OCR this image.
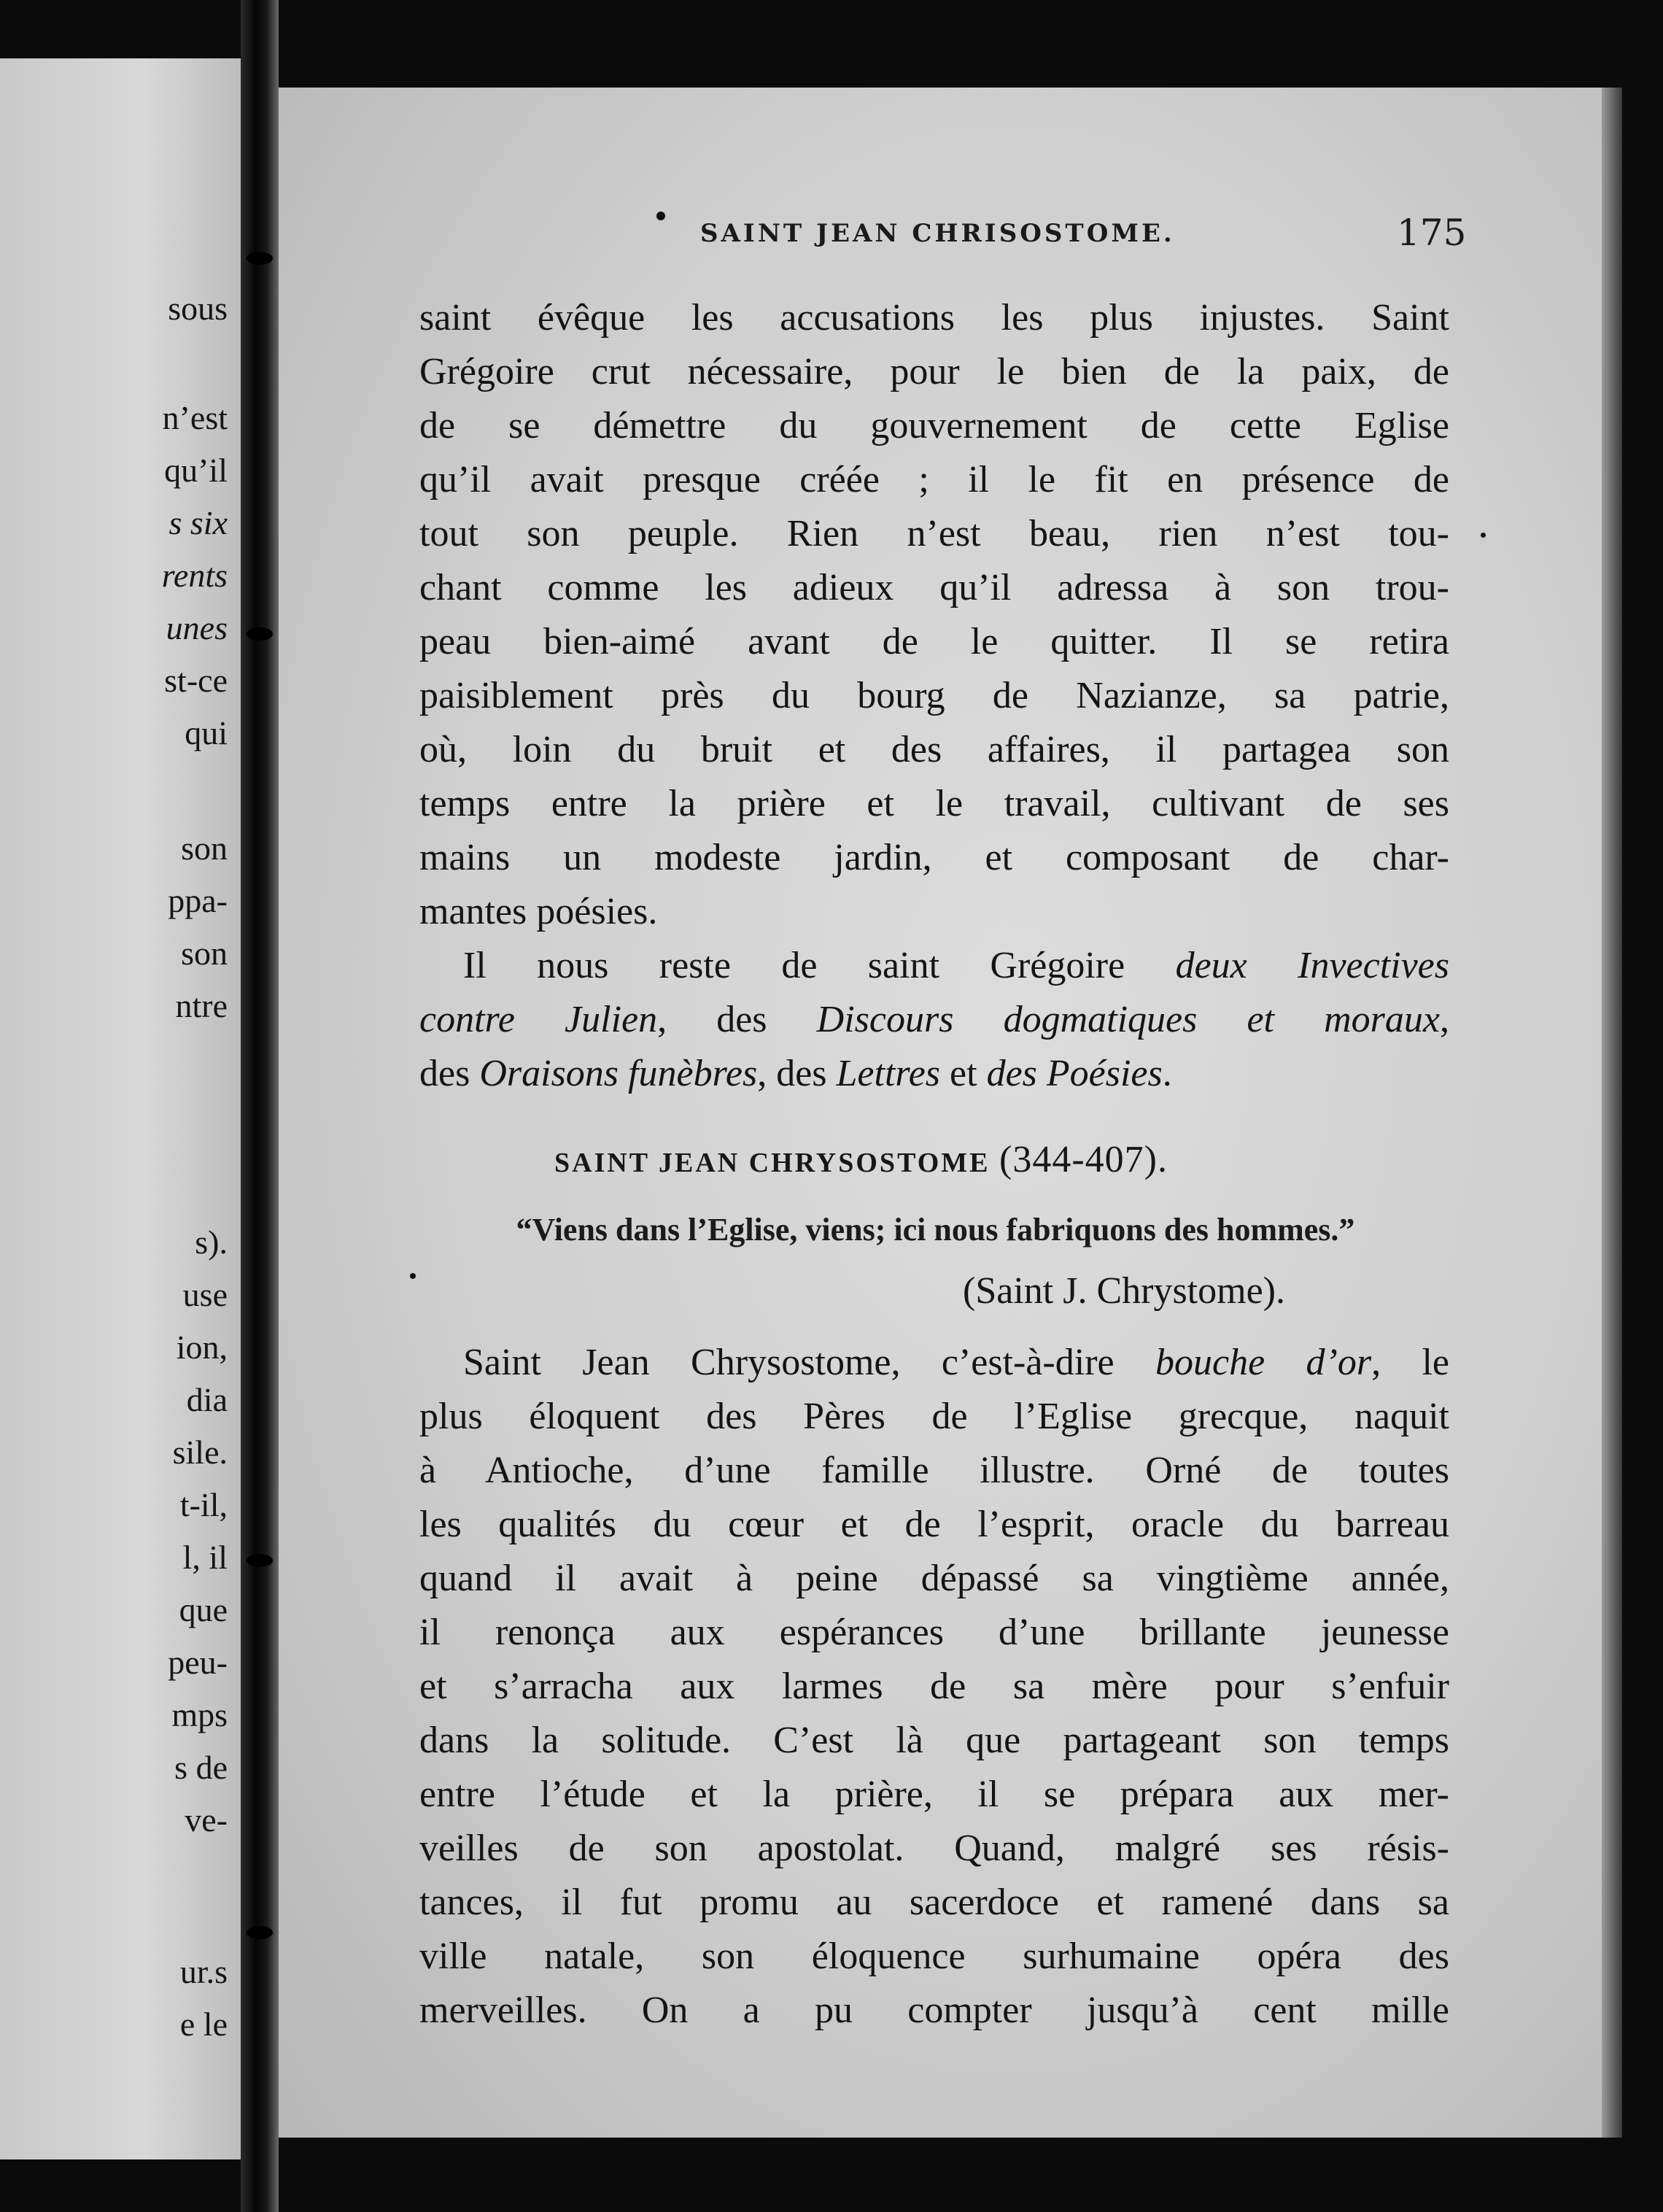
sous
n’est
qu’il
s six
rents
unes
st-ce
qui
son
ppa-
son
ntre
s).
use
ion,
dia
sile.
t-il,
l, il
que
peu-
mps
s de
ve-
ur.s
e le
SAINT JEAN CHRISOSTOME.	175
saint évêque les accusations les plus injustes. Saint
Grégoire crut nécessaire, pour le bien de la paix, de
de se démettre du gouvernement de cette Eglise
qu’il avait presque créée ; il le fit en présence de
tout son peuple. Rien n’est beau, rien n’est tou-
chant comme les adieux qu’il adressa à son trou-
peau bien-aimé avant de le quitter. Il se retira
paisiblement près du bourg de Nazianze, sa patrie,
où, loin du bruit et des affaires, il partagea son
temps entre la prière et le travail, cultivant de ses
mains un modeste jardin, et composant de char-
mantes poésies.
Il nous reste de saint Grégoire deux Invectives
contre Julien, des Discours dogmatiques et moraux,
des Oraisons funèbres, des Lettres et des Poésies.
SAINT JEAN CHRYSOSTOME (344-407).
“Viens dans l’Eglise, viens; ici nous fabriquons des hommes.”
(Saint J. Chrystome).
Saint Jean Chrysostome, c’est-à-dire bouche d’or, le
plus éloquent des Pères de l’Eglise grecque, naquit
à Antioche, d’une famille illustre. Orné de toutes
les qualités du cœur et de l’esprit, oracle du barreau
quand il avait à peine dépassé sa vingtième année,
il renonça aux espérances d’une brillante jeunesse
et s’arracha aux larmes de sa mère pour s’enfuir
dans la solitude. C’est là que partageant son temps
entre l’étude et la prière, il se prépara aux mer-
veilles de son apostolat. Quand, malgré ses résis-
tances, il fut promu au sacerdoce et ramené dans sa
ville natale, son éloquence surhumaine opéra des
merveilles. On a pu compter jusqu’à cent mille
